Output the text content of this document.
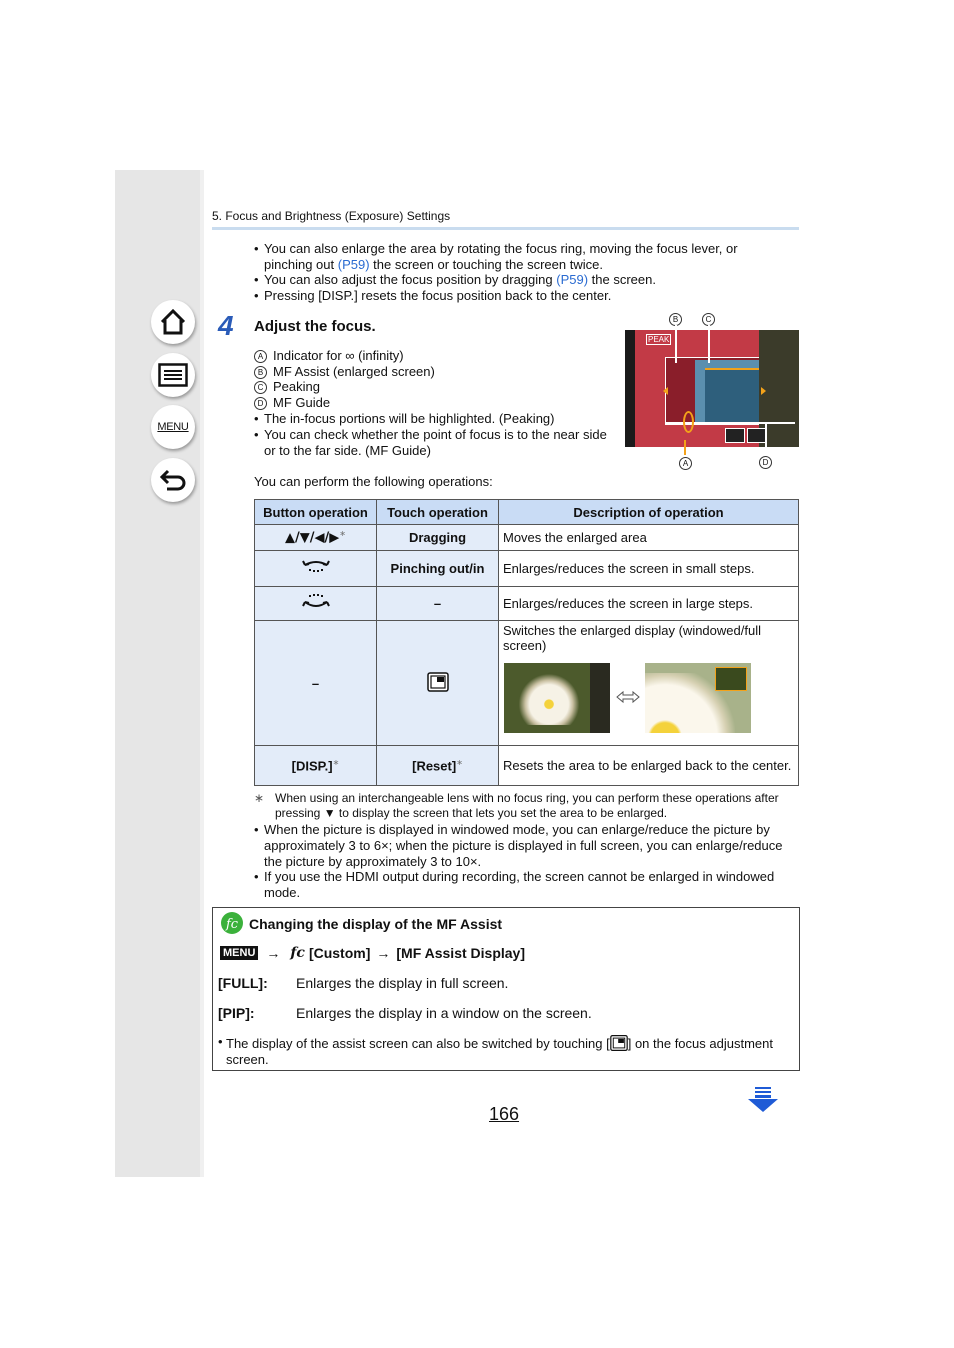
MENU
5. Focus and Brightness (Exposure) Settings
• You can also enlarge the area by rotating the focus ring, moving the focus lever, or pinching out (P59) the screen or touching the screen twice.
• You can also adjust the focus position by dragging (P59) the screen.
• Pressing [DISP.] resets the focus position back to the center.
4 Adjust the focus.
A Indicator for ∞ (infinity)
B MF Assist (enlarged screen)
C Peaking
D MF Guide
• The in-focus portions will be highlighted. (Peaking)
• You can check whether the point of focus is to the near side or to the far side. (MF Guide)
PEAK
B	C
A	D
You can perform the following operations:
Button operation	Touch operation	Description of operation
▲/▼/◀/▶∗	Dragging	Moves the enlarged area
	Pinching out/in	Enlarges/reduces the screen in small steps.
	–	Enlarges/reduces the screen in large steps.
–		Switches the enlarged display (windowed/full screen)

[DISP.]∗	[Reset]∗	Resets the area to be enlarged back to the center.
∗ When using an interchangeable lens with no focus ring, you can perform these operations after pressing ▼ to display the screen that lets you set the area to be enlarged.
• When the picture is displayed in windowed mode, you can enlarge/reduce the picture by approximately 3 to 6×; when the picture is displayed in full screen, you can enlarge/reduce the picture by approximately 3 to 10×.
• If you use the HDMI output during recording, the screen cannot be enlarged in windowed mode.
fc Changing the display of the MF Assist
MENU → fc [Custom] → [MF Assist Display]
[FULL]: Enlarges the display in full screen.
[PIP]:	Enlarges the display in a window on the screen.
• The display of the assist screen can also be switched by touching [ ] on the focus adjustment screen.
166
